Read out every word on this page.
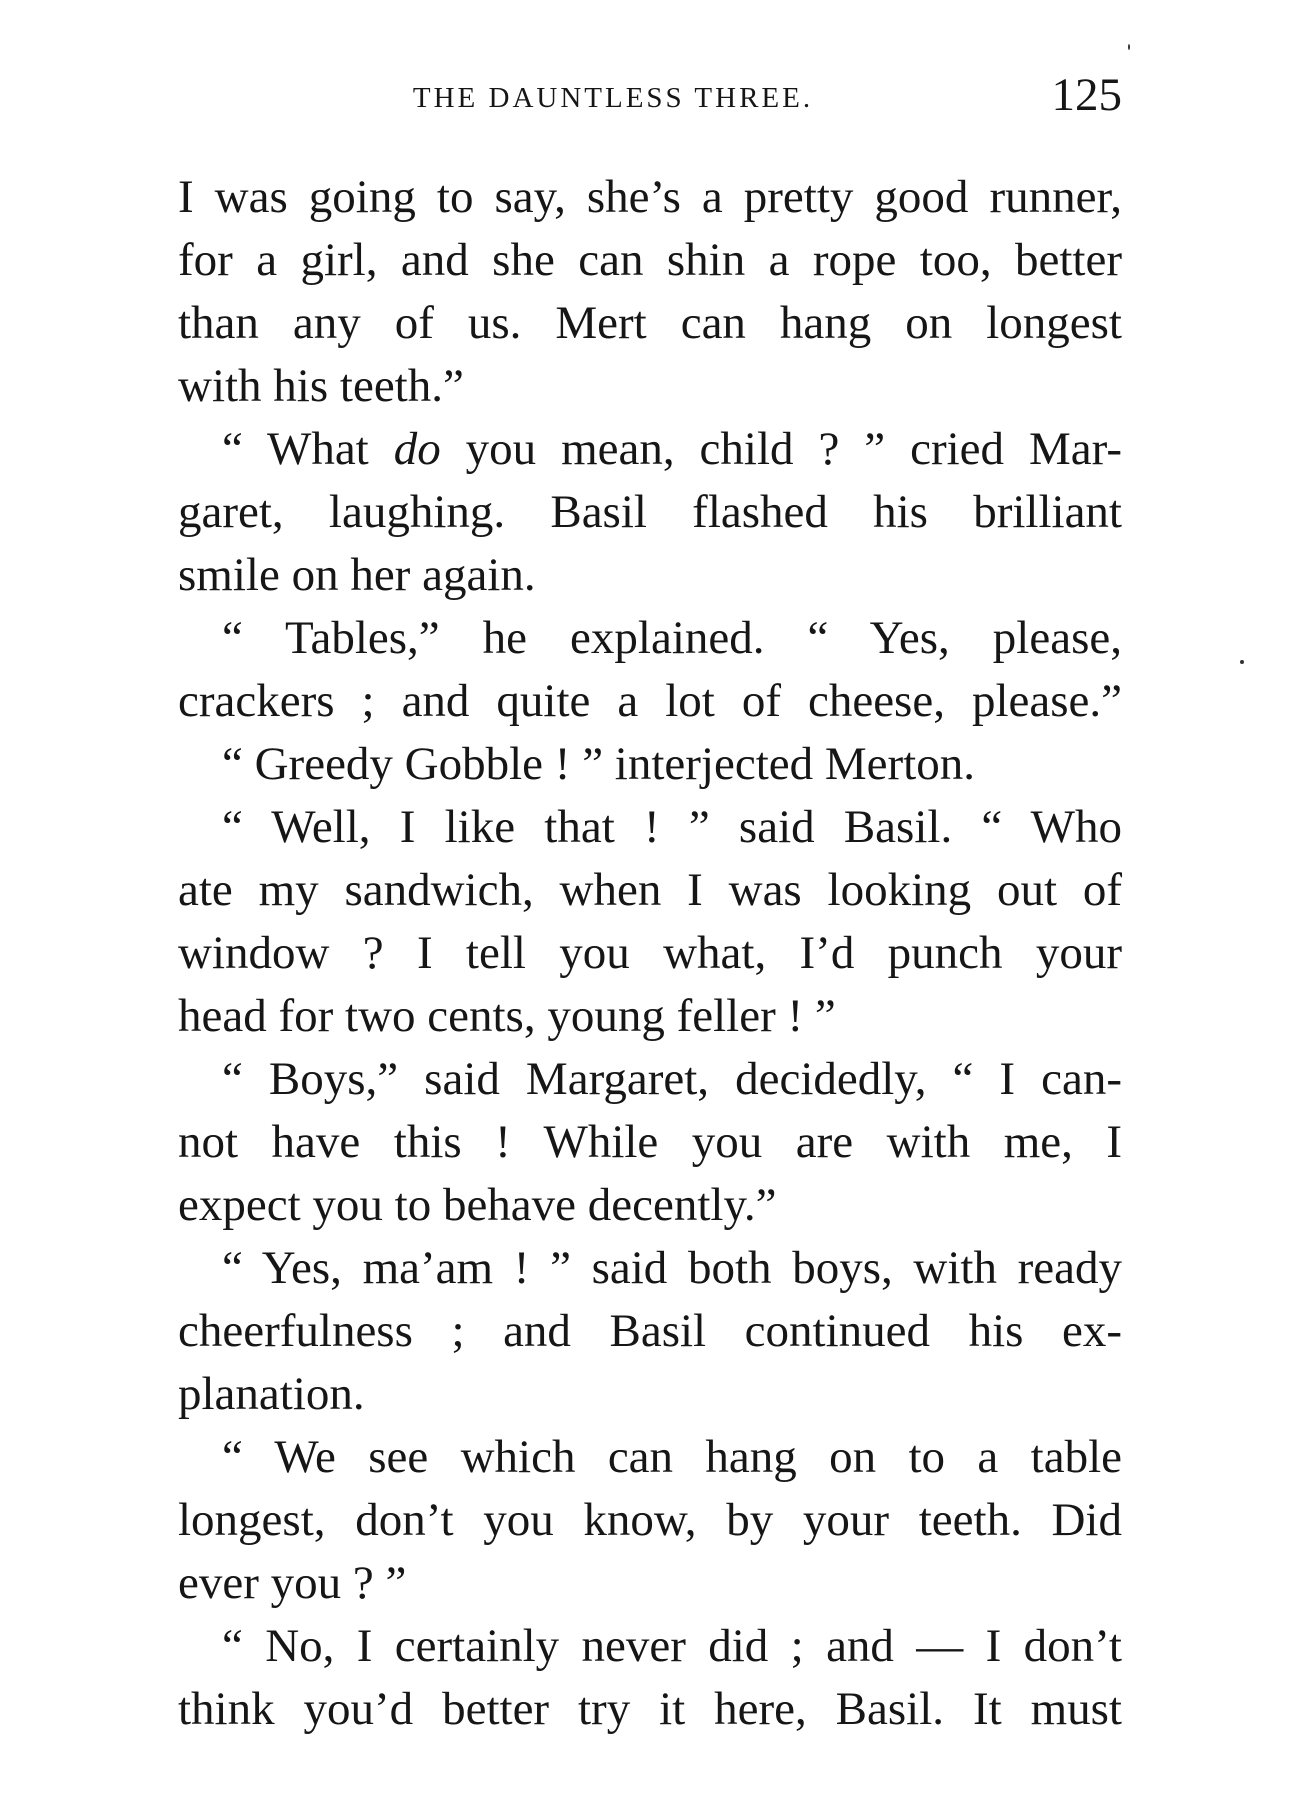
THE DAUNTLESS THREE.	125

I was going to say, she’s a pretty good runner,

for a girl, and she can shin a rope too, better

than any of us. Mert can hang on longest

with his teeth.”

“ What do you mean, child ? ” cried Mar-

garet, laughing. Basil flashed his brilliant

smile on her again.

“ Tables,” he explained. “ Yes, please,

crackers ; and quite a lot of cheese, please.”

“ Greedy Gobble ! ” interjected Merton.

“ Well, I like that ! ” said Basil. “ Who

ate my sandwich, when I was looking out of

window ? I tell you what, I’d punch your

head for two cents, young feller ! ”

“ Boys,” said Margaret, decidedly, “ I can-

not have this ! While you are with me, I

expect you to behave decently.”

“ Yes, ma’am ! ” said both boys, with ready

cheerfulness ; and Basil continued his ex-

planation.

“ We see which can hang on to a table

longest, don’t you know, by your teeth. Did

ever you ? ”

“ No, I certainly never did ; and — I don’t

think you’d better try it here, Basil. It must
